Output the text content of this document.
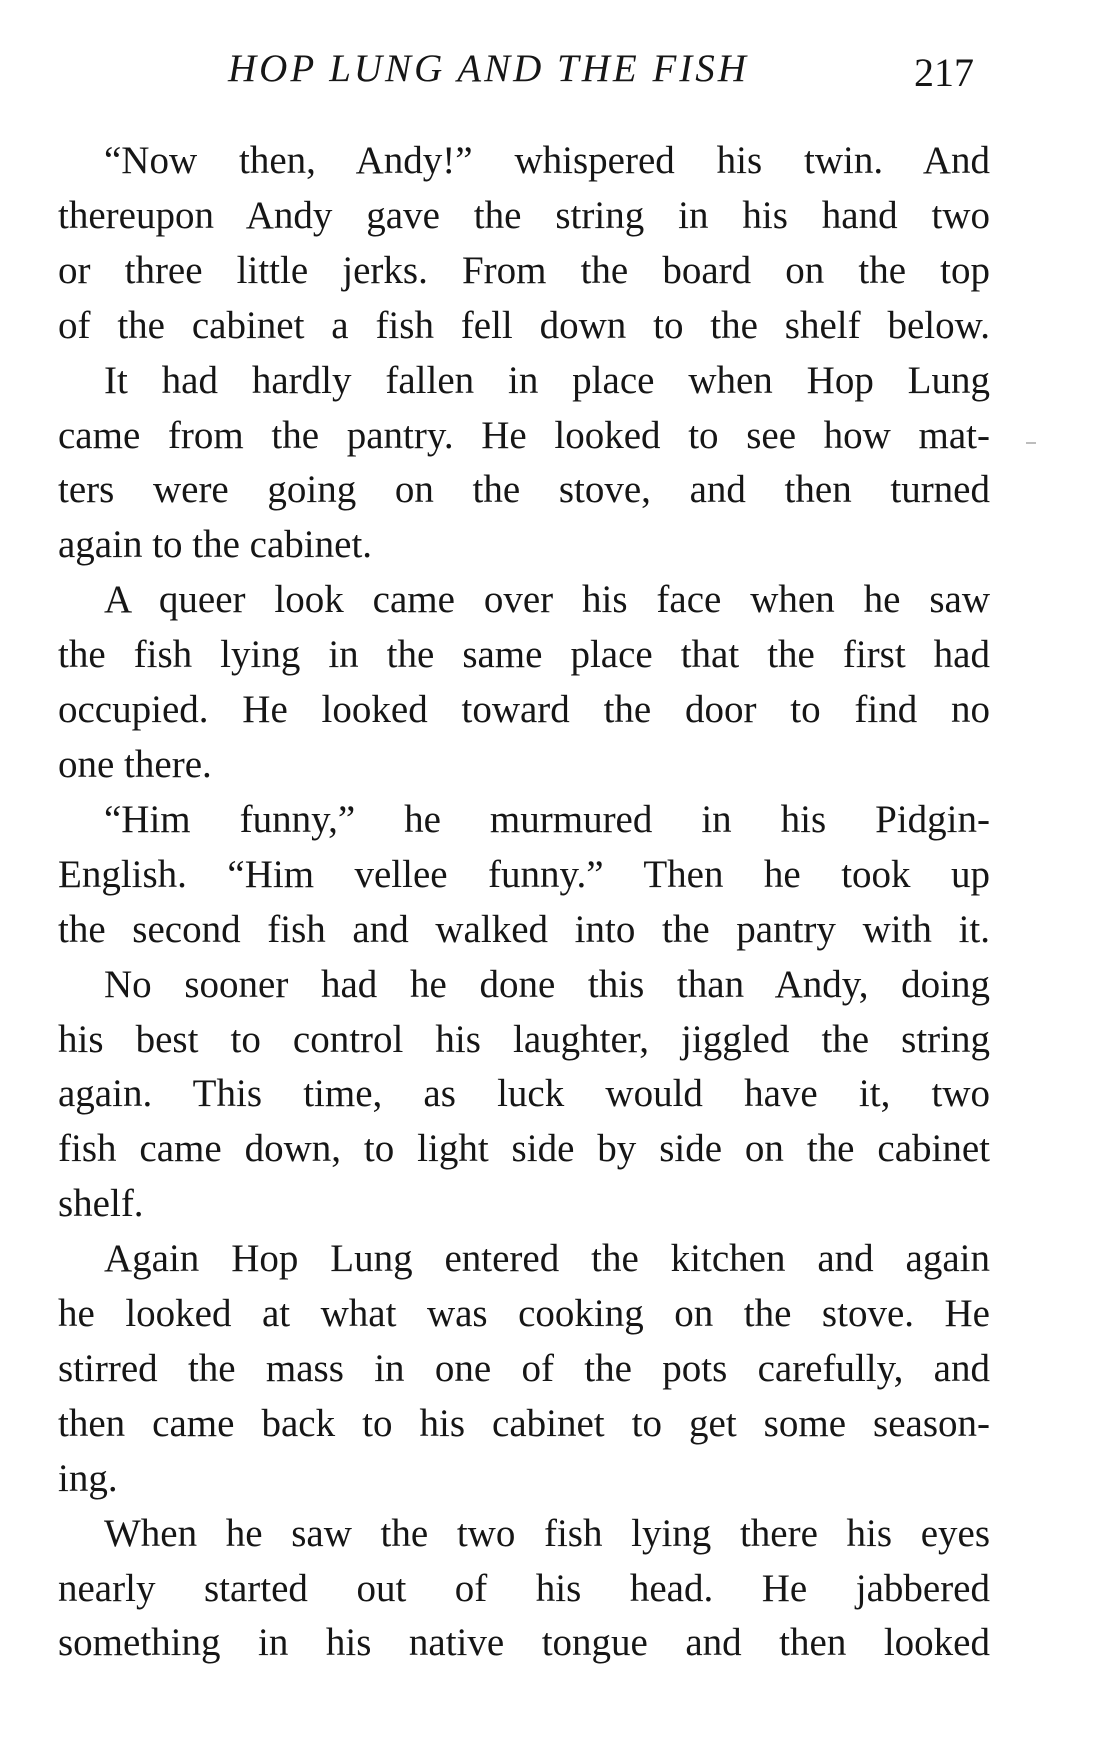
HOP LUNG AND THE FISH	217
“Now then, Andy!” whispered his twin. And
thereupon Andy gave the string in his hand two
or three little jerks. From the board on the top
of the cabinet a fish fell down to the shelf below.
It had hardly fallen in place when Hop Lung
came from the pantry. He looked to see how mat-
ters were going on the stove, and then turned
again to the cabinet.
A queer look came over his face when he saw
the fish lying in the same place that the first had
occupied. He looked toward the door to find no
one there.
“Him funny,” he murmured in his Pidgin-
English. “Him vellee funny.” Then he took up
the second fish and walked into the pantry with it.
No sooner had he done this than Andy, doing
his best to control his laughter, jiggled the string
again. This time, as luck would have it, two
fish came down, to light side by side on the cabinet
shelf.
Again Hop Lung entered the kitchen and again
he looked at what was cooking on the stove. He
stirred the mass in one of the pots carefully, and
then came back to his cabinet to get some season-
ing.
When he saw the two fish lying there his eyes
nearly started out of his head. He jabbered
something in his native tongue and then looked
